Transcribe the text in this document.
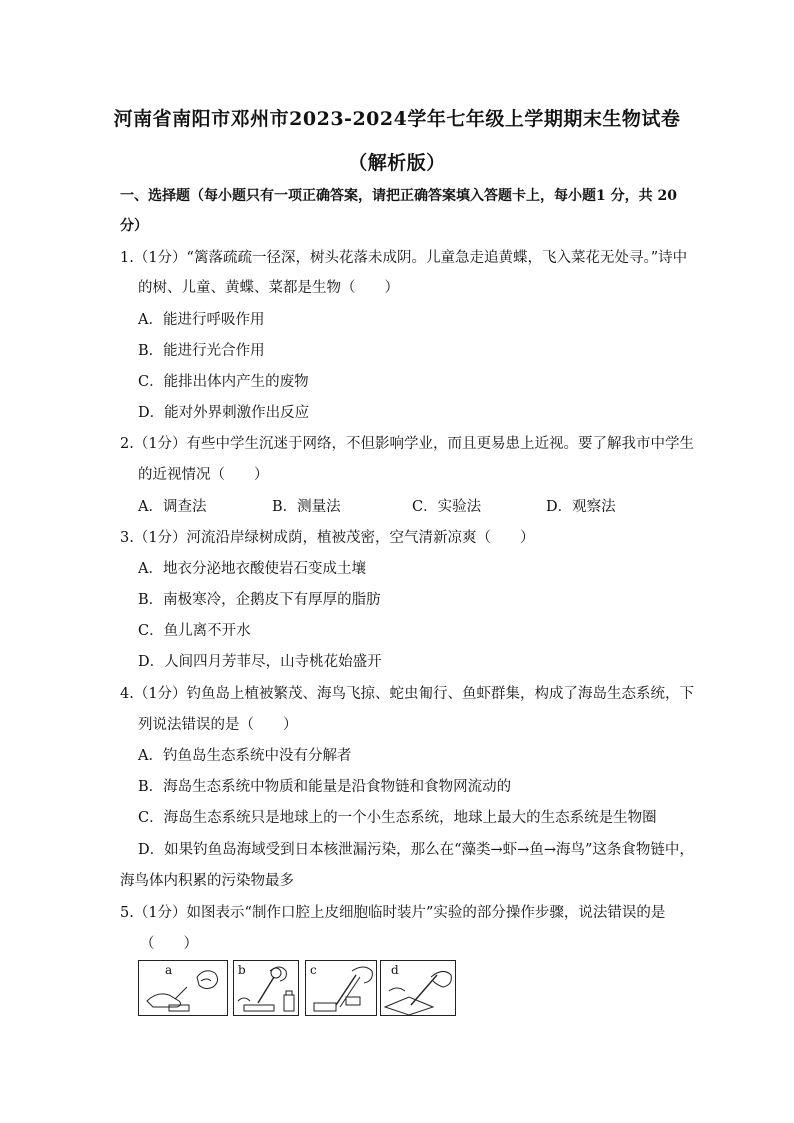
河南省南阳市邓州市2023-2024学年七年级上学期期末生物试卷
（解析版）
一、选择题（每小题只有一项正确答案，请把正确答案填入答题卡上，每小题1 分，共 20
分）
1.（1分）“篱落疏疏一径深，树头花落未成阴。儿童急走追黄蝶，飞入菜花无处寻。”诗中
的树、儿童、黄蝶、菜都是生物（　　）
A．能进行呼吸作用
B．能进行光合作用
C．能排出体内产生的废物
D．能对外界刺激作出反应
2.（1分）有些中学生沉迷于网络，不但影响学业，而且更易患上近视。要了解我市中学生
的近视情况（　　）
A．调查法	B．测量法	C．实验法	D．观察法
3.（1分）河流沿岸绿树成荫，植被茂密，空气清新凉爽（　　）
A．地衣分泌地衣酸使岩石变成土壤
B．南极寒冷，企鹅皮下有厚厚的脂肪
C．鱼儿离不开水
D．人间四月芳菲尽，山寺桃花始盛开
4.（1分）钓鱼岛上植被繁茂、海鸟飞掠、蛇虫匍行、鱼虾群集，构成了海岛生态系统，下
列说法错误的是（　　）
A．钓鱼岛生态系统中没有分解者
B．海岛生态系统中物质和能量是沿食物链和食物网流动的
C．海岛生态系统只是地球上的一个小生态系统，地球上最大的生态系统是生物圈
D．如果钓鱼岛海域受到日本核泄漏污染，那么在“藻类→虾→鱼→海鸟”这条食物链中，
海鸟体内积累的污染物最多
5.（1分）如图表示“制作口腔上皮细胞临时装片”实验的部分操作步骤，说法错误的是
（　　）
a	b	c	d
